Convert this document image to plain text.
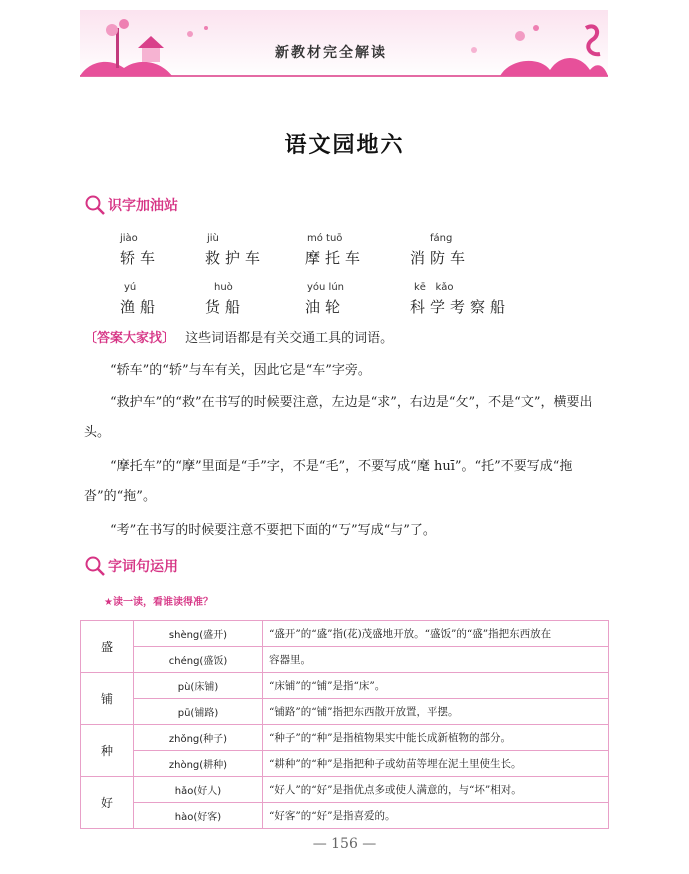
新教材完全解读
语文园地六
识字加油站
jiào
轿车
jiù
救护车
mó tuō
摩托车
fáng
消防车
yú
渔船
huò
货船
yóu lún
油轮
kē   kǎo
科学考察船
〔答案大家找〕 这些词语都是有关交通工具的词语。
“轿车”的“轿”与车有关，因此它是“车”字旁。
“救护车”的“救”在书写的时候要注意，左边是“求”，右边是“攵”，不是“文”，横要出头。
“摩托车”的“摩”里面是“手”字，不是“毛”，不要写成“麾 huī”。“托”不要写成“拖沓”的“拖”。
“考”在书写的时候要注意不要把下面的“丂”写成“与”了。
字词句运用
★读一读，看谁读得准？
盛	shèng(盛开)	“盛开”的“盛”指(花)茂盛地开放。“盛饭”的“盛”指把东西放在
	chéng(盛饭)	容器里。
铺	pù(床铺)	“床铺”的“铺”是指“床”。
	pū(铺路)	“铺路”的“铺”指把东西散开放置，平摆。
种	zhǒng(种子)	“种子”的“种”是指植物果实中能长成新植物的部分。
	zhòng(耕种)	“耕种”的“种”是指把种子或幼苗等埋在泥土里使生长。
好	hǎo(好人)	“好人”的“好”是指优点多或使人满意的，与“坏”相对。
	hào(好客)	“好客”的“好”是指喜爱的。
— 156 —
